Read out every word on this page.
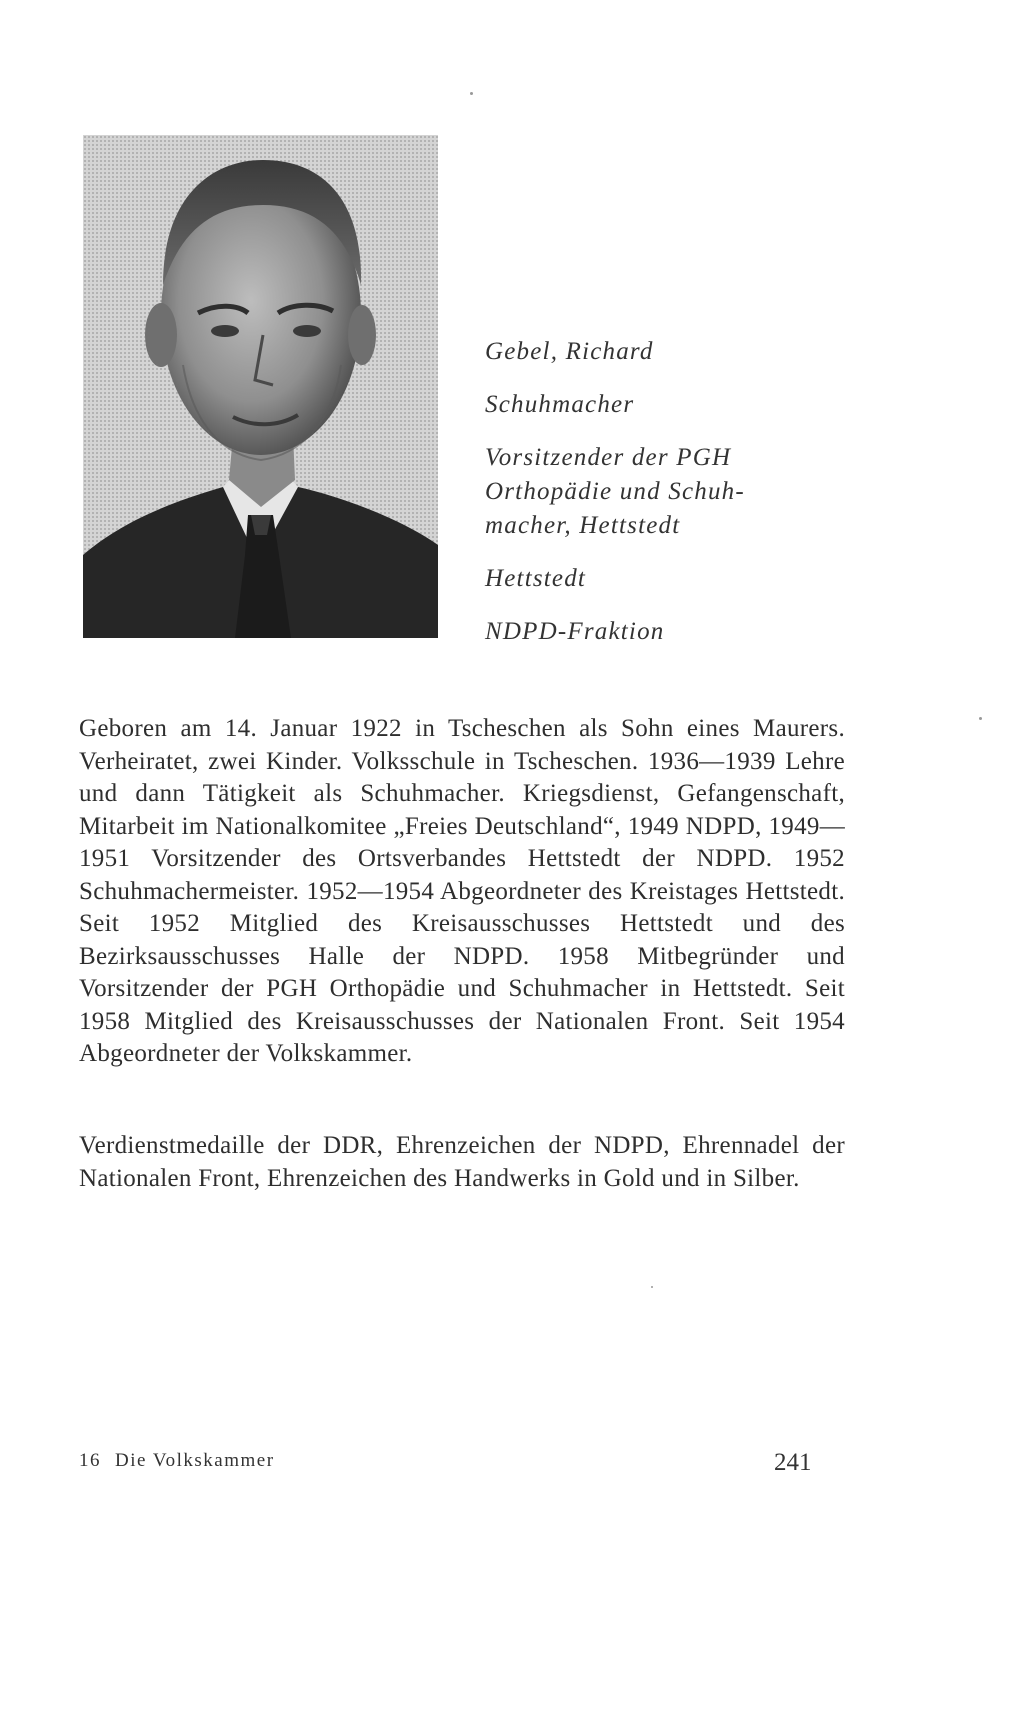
Gebel, Richard
Schuhmacher
Vorsitzender der PGH
Orthopädie und Schuh-
macher, Hettstedt
Hettstedt
NDPD-Fraktion

Geboren am 14. Januar 1922 in Tscheschen als Sohn eines Maurers. Verheiratet, zwei Kinder. Volksschule in Tscheschen. 1936—1939 Lehre und dann Tätigkeit als Schuhmacher. Kriegsdienst, Gefangenschaft, Mitarbeit im Nationalkomitee „Freies Deutschland“, 1949 NDPD, 1949—1951 Vorsitzender des Ortsverbandes Hettstedt der NDPD. 1952 Schuhmachermeister. 1952—1954 Abgeordneter des Kreistages Hettstedt. Seit 1952 Mitglied des Kreisausschusses Hettstedt und des Bezirksausschusses Halle der NDPD. 1958 Mitbegründer und Vorsitzender der PGH Orthopädie und Schuhmacher in Hettstedt. Seit 1958 Mitglied des Kreisausschusses der Nationalen Front. Seit 1954 Abgeordneter der Volkskammer.

Verdienstmedaille der DDR, Ehrenzeichen der NDPD, Ehrennadel der Nationalen Front, Ehrenzeichen des Handwerks in Gold und in Silber.

16 Die Volkskammer	241
